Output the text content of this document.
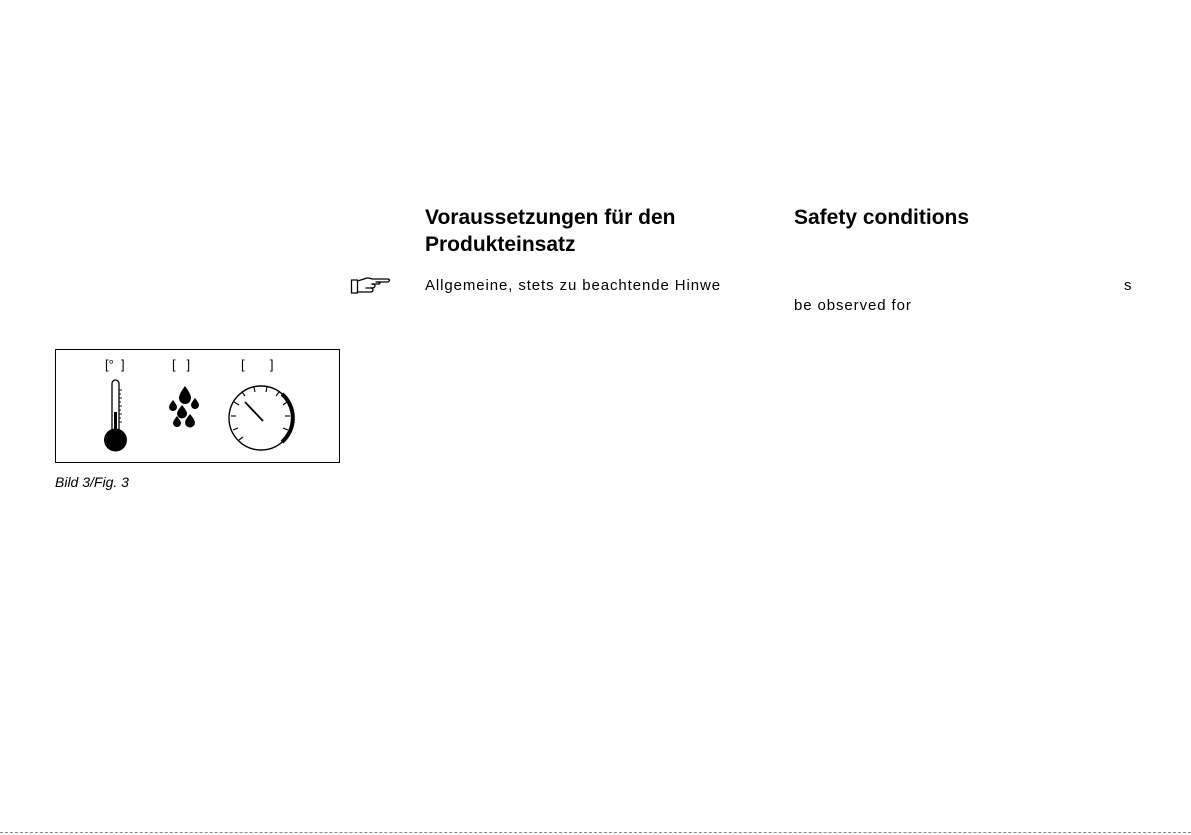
Voraussetzungen für den Produkteinsatz
Safety conditions

Allgemeine, stets zu beachtende Hinwe	s

be observed for

[°  ]	[   ]	[       ]

Bild 3/Fig. 3
